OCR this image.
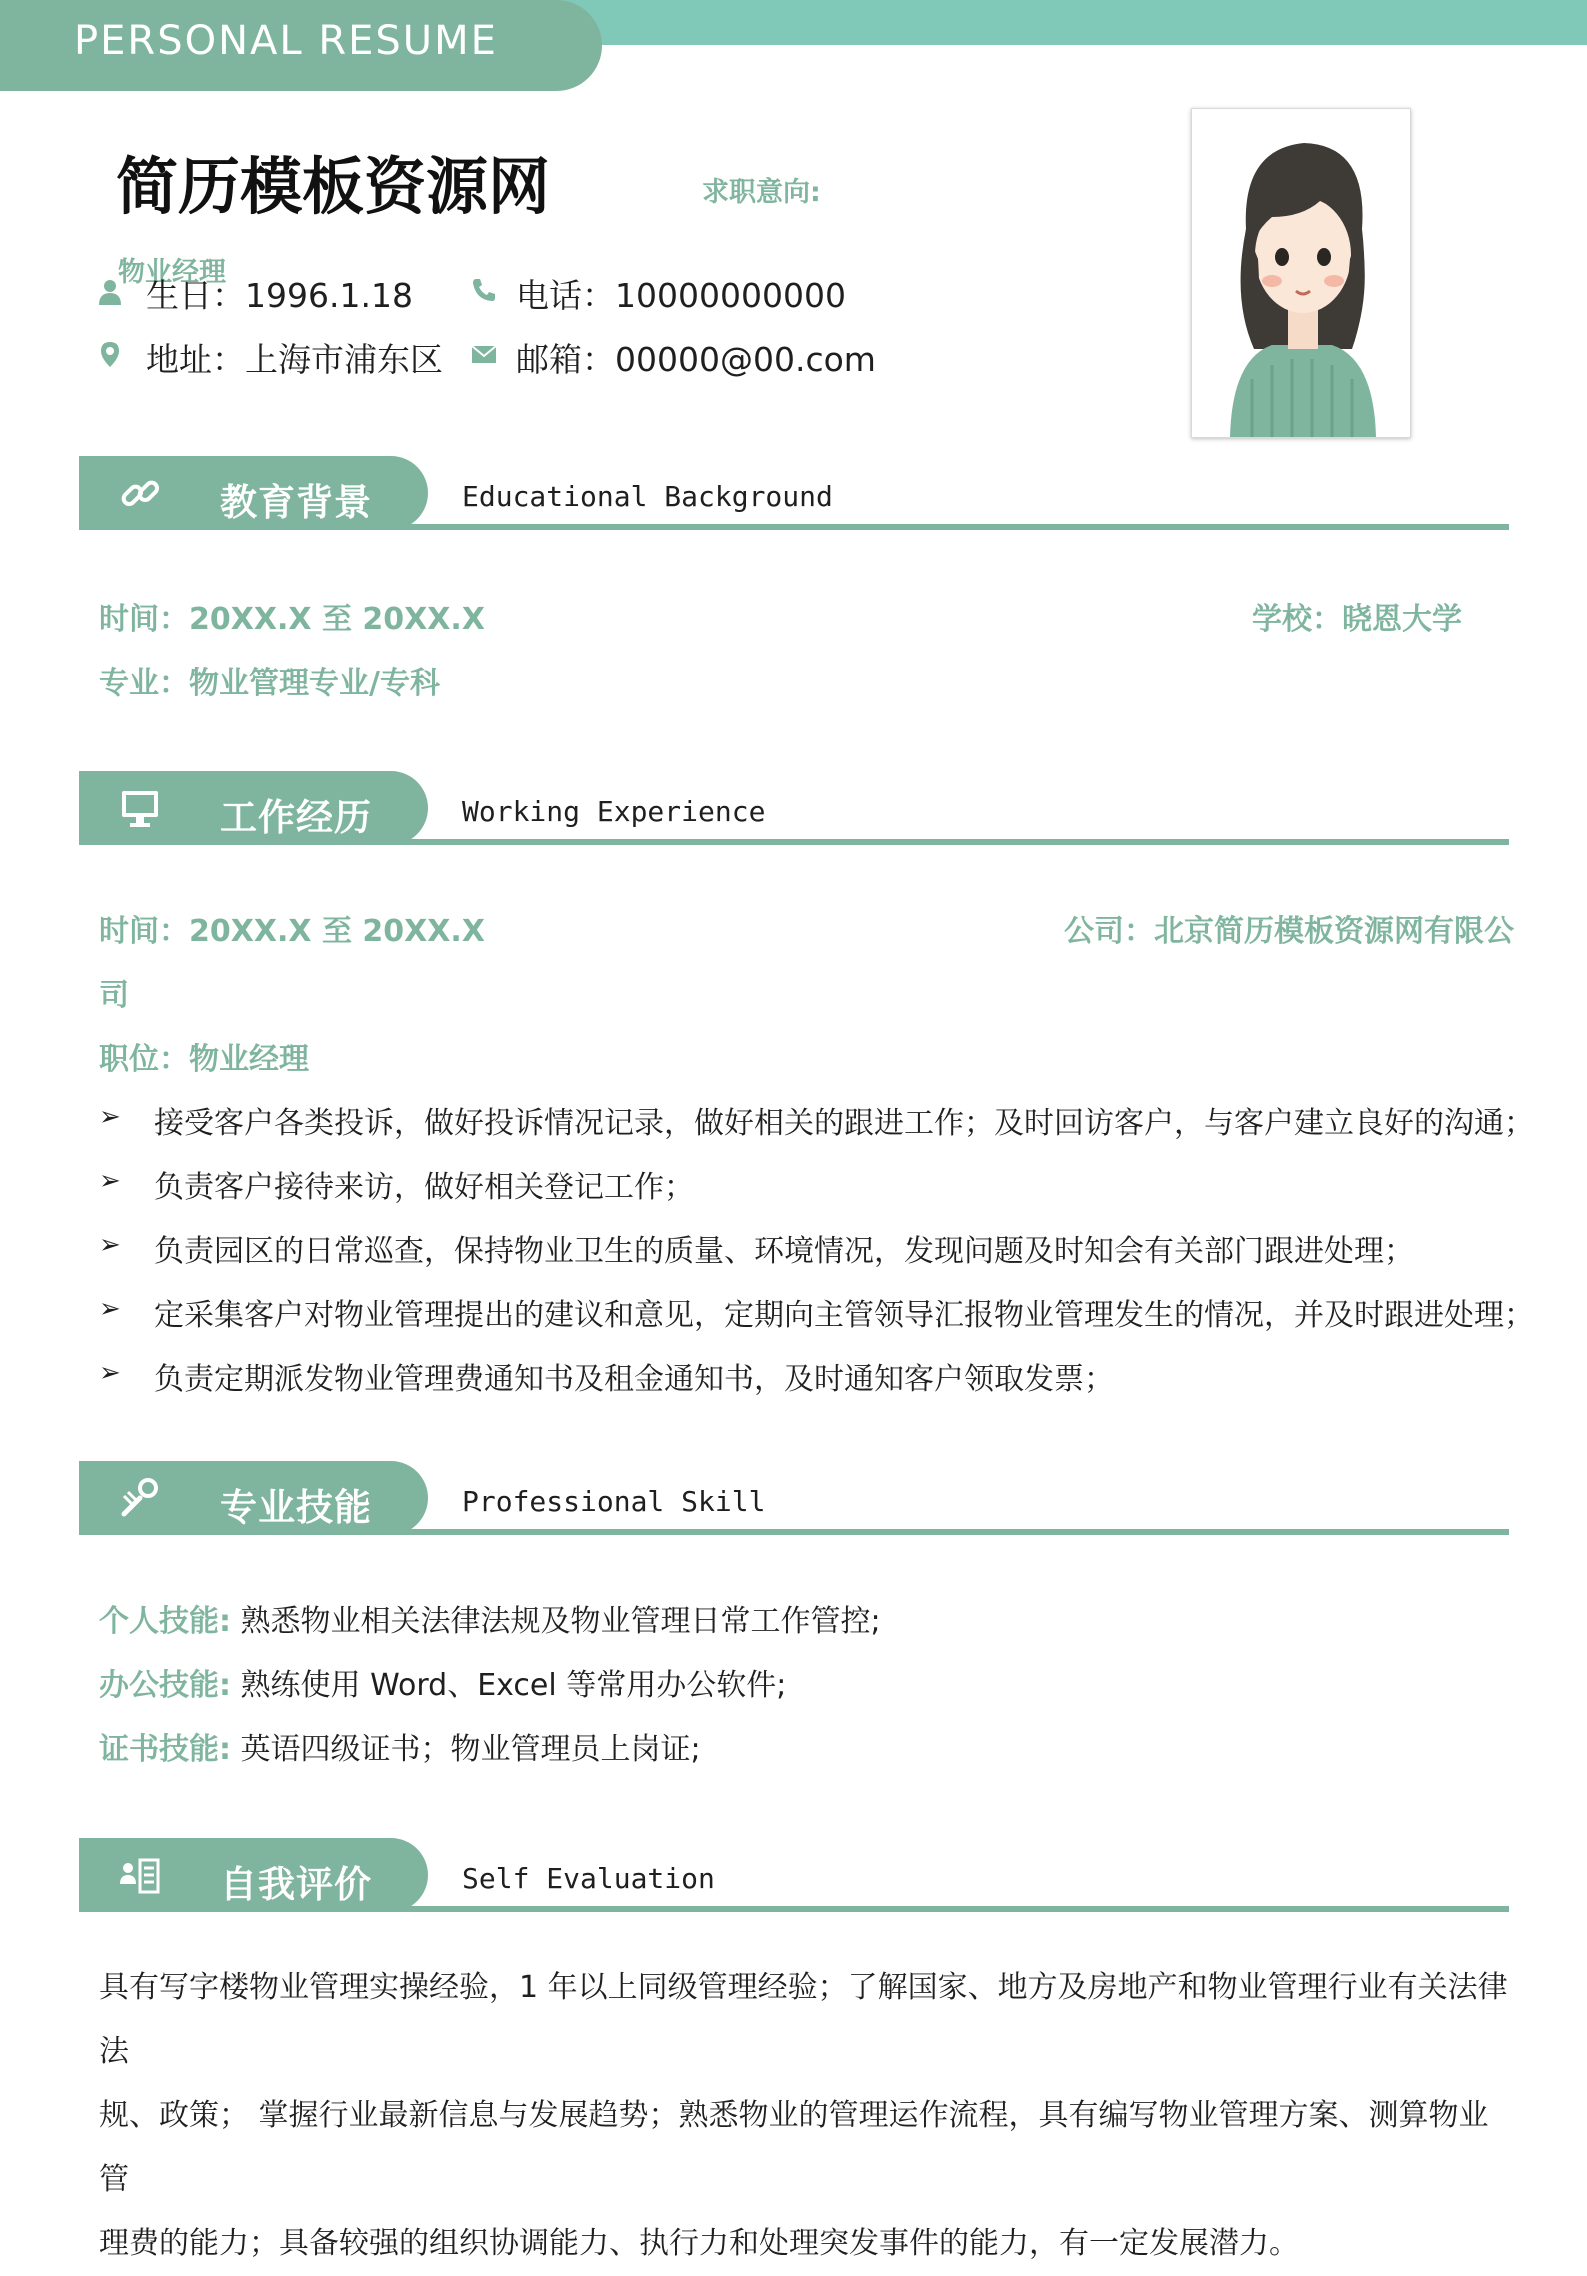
PERSONAL RESUME
简历模板资源网	求职意向:
物业经理
生日：1996.1.18	电话：10000000000
地址：上海市浦东区 邮箱：00000@00.com
教育背景	Educational Background
时间：20XX.X 至 20XX.X	学校：晓恩大学
专业：物业管理专业/专科
工作经历	Working Experience
时间：20XX.X 至 20XX.X	公司：北京简历模板资源网有限公
司
职位：物业经理
➢ 接受客户各类投诉，做好投诉情况记录，做好相关的跟进工作；及时回访客户，与客户建立良好的沟通；
➢ 负责客户接待来访，做好相关登记工作；
➢ 负责园区的日常巡查，保持物业卫生的质量、环境情况，发现问题及时知会有关部门跟进处理；
➢ 定采集客户对物业管理提出的建议和意见，定期向主管领导汇报物业管理发生的情况，并及时跟进处理；
➢ 负责定期派发物业管理费通知书及租金通知书，及时通知客户领取发票；
专业技能	Professional Skill
个人技能: 熟悉物业相关法律法规及物业管理日常工作管控;
办公技能: 熟练使用 Word、Excel 等常用办公软件;
证书技能: 英语四级证书；物业管理员上岗证;
自我评价	Self Evaluation
具有写字楼物业管理实操经验，1 年以上同级管理经验；了解国家、地方及房地产和物业管理行业有关法律法
规、政策； 掌握行业最新信息与发展趋势；熟悉物业的管理运作流程，具有编写物业管理方案、测算物业管
理费的能力；具备较强的组织协调能力、执行力和处理突发事件的能力，有一定发展潜力。
